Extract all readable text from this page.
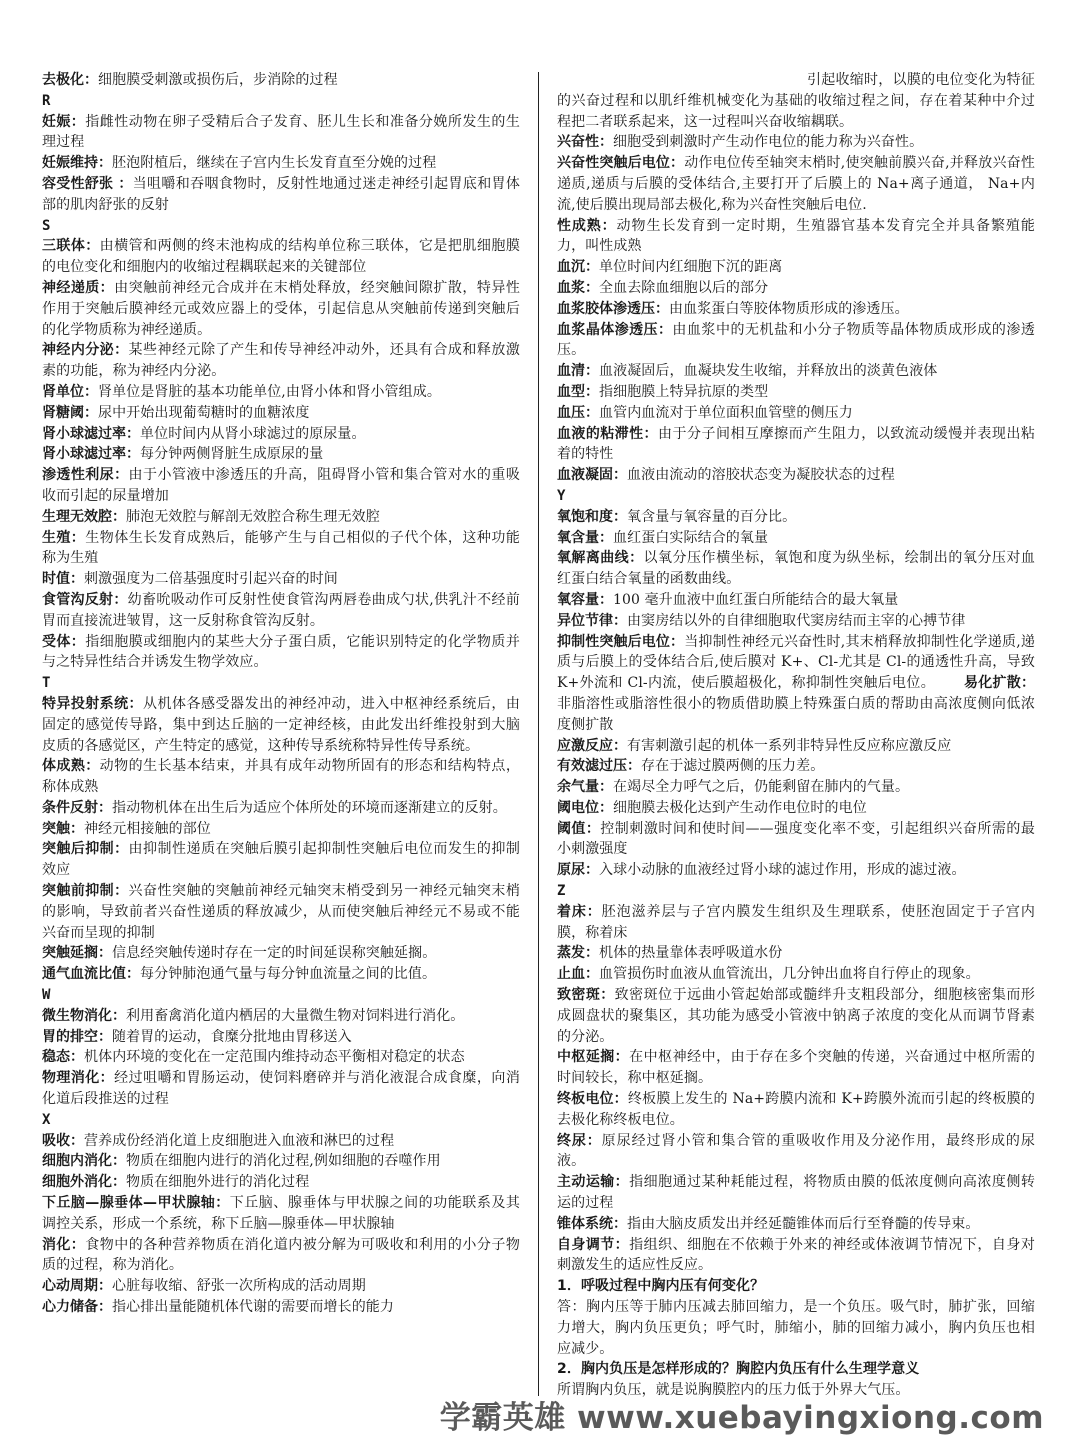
去极化：细胞膜受刺激或损伤后，步消除的过程
R
妊娠：指雌性动物在卵子受精后合子发育、胚儿生长和准备分娩所发生的生理过程
妊娠维持：胚泡附植后，继续在子宫内生长发育直至分娩的过程
容受性舒张 ：当咀嚼和吞咽食物时，反射性地通过迷走神经引起胃底和胃体部的肌肉舒张的反射
S
三联体：由横管和两侧的终末池构成的结构单位称三联体，它是把肌细胞膜的电位变化和细胞内的收缩过程耦联起来的关键部位
神经递质：由突触前神经元合成并在末梢处释放，经突触间隙扩散，特异性作用于突触后膜神经元或效应器上的受体，引起信息从突触前传递到突触后的化学物质称为神经递质。
神经内分泌：某些神经元除了产生和传导神经冲动外，还具有合成和释放激素的功能，称为神经内分泌。
肾单位：肾单位是肾脏的基本功能单位,由肾小体和肾小管组成。
肾糖阈：尿中开始出现葡萄糖时的血糖浓度
肾小球滤过率：单位时间内从肾小球滤过的原尿量。
肾小球滤过率：每分钟两侧肾脏生成原尿的量
渗透性利尿：由于小管液中渗透压的升高，阻碍肾小管和集合管对水的重吸收而引起的尿量增加
生理无效腔：肺泡无效腔与解剖无效腔合称生理无效腔
生殖：生物体生长发育成熟后，能够产生与自己相似的子代个体，这种功能称为生殖
时值：刺激强度为二倍基强度时引起兴奋的时间
食管沟反射：幼畜吮吸动作可反射性使食管沟两唇卷曲成勺状,供乳汁不经前胃而直接流进皱胃，这一反射称食管沟反射。
受体：指细胞膜或细胞内的某些大分子蛋白质，它能识别特定的化学物质并与之特异性结合并诱发生物学效应。
T
特异投射系统：从机体各感受器发出的神经冲动，进入中枢神经系统后，由固定的感觉传导路，集中到达丘脑的一定神经核，由此发出纤维投射到大脑皮质的各感觉区，产生特定的感觉，这种传导系统称特异性传导系统。
体成熟：动物的生长基本结束，并具有成年动物所固有的形态和结构特点，称体成熟
条件反射：指动物机体在出生后为适应个体所处的环境而逐渐建立的反射。
突触：神经元相接触的部位
突触后抑制：由抑制性递质在突触后膜引起抑制性突触后电位而发生的抑制效应
突触前抑制：兴奋性突触的突触前神经元轴突末梢受到另一神经元轴突末梢的影响，导致前者兴奋性递质的释放减少，从而使突触后神经元不易或不能兴奋而呈现的抑制
突触延搁：信息经突触传递时存在一定的时间延误称突触延搁。
通气血流比值：每分钟肺泡通气量与每分钟血流量之间的比值。
W
微生物消化：利用畜禽消化道内栖居的大量微生物对饲料进行消化。
胃的排空：随着胃的运动，食糜分批地由胃移送入
稳态：机体内环境的变化在一定范围内维持动态平衡相对稳定的状态
物理消化：经过咀嚼和胃肠运动，使饲料磨碎并与消化液混合成食糜，向消化道后段推送的过程
X
吸收：营养成份经消化道上皮细胞进入血液和淋巴的过程
细胞内消化：物质在细胞内进行的消化过程,例如细胞的吞噬作用
细胞外消化：物质在细胞外进行的消化过程
下丘脑—腺垂体—甲状腺轴：下丘脑、腺垂体与甲状腺之间的功能联系及其调控关系，形成一个系统，称下丘脑—腺垂体—甲状腺轴
消化：食物中的各种营养物质在消化道内被分解为可吸收和利用的小分子物质的过程，称为消化。
心动周期：心脏每收缩、舒张一次所构成的活动周期
心力储备：指心排出量能随机体代谢的需要而增长的能力
引起收缩时，以膜的电位变化为特征的兴奋过程和以肌纤维机械变化为基础的收缩过程之间，存在着某种中介过程把二者联系起来，这一过程叫兴奋收缩耦联。
兴奋性：细胞受到刺激时产生动作电位的能力称为兴奋性。
兴奋性突触后电位：动作电位传至轴突末梢时,使突触前膜兴奋,并释放兴奋性递质,递质与后膜的受体结合,主要打开了后膜上的 Na+离子通道， Na+内流,使后膜出现局部去极化,称为兴奋性突触后电位.
性成熟：动物生长发育到一定时期，生殖器官基本发育完全并具备繁殖能力，叫性成熟
血沉：单位时间内红细胞下沉的距离
血浆：全血去除血细胞以后的部分
血浆胶体渗透压：由血浆蛋白等胶体物质形成的渗透压。
血浆晶体渗透压：由血浆中的无机盐和小分子物质等晶体物质成形成的渗透压。
血清：血液凝固后，血凝块发生收缩，并释放出的淡黄色液体
血型：指细胞膜上特异抗原的类型
血压：血管内血流对于单位面积血管壁的侧压力
血液的粘滞性：由于分子间相互摩擦而产生阻力，以致流动缓慢并表现出粘着的特性
血液凝固：血液由流动的溶胶状态变为凝胶状态的过程
Y
氧饱和度：氧含量与氧容量的百分比。
氧含量：血红蛋白实际结合的氧量
氧解离曲线：以氧分压作横坐标，氧饱和度为纵坐标，绘制出的氧分压对血红蛋白结合氧量的函数曲线。
氧容量：100 毫升血液中血红蛋白所能结合的最大氧量
异位节律：由窦房结以外的自律细胞取代窦房结而主宰的心搏节律
抑制性突触后电位：当抑制性神经元兴奋性时,其末梢释放抑制性化学递质,递质与后膜上的受体结合后,使后膜对 K+、Cl-尤其是 Cl-的通透性升高，导致 K+外流和 Cl-内流，使后膜超极化，称抑制性突触后电位。 易化扩散：非脂溶性或脂溶性很小的物质借助膜上特殊蛋白质的帮助由高浓度侧向低浓度侧扩散
应激反应：有害刺激引起的机体一系列非特异性反应称应激反应
有效滤过压：存在于滤过膜两侧的压力差。
余气量：在竭尽全力呼气之后，仍能剩留在肺内的气量。
阈电位：细胞膜去极化达到产生动作电位时的电位
阈值：控制刺激时间和使时间——强度变化率不变，引起组织兴奋所需的最小刺激强度
原尿：入球小动脉的血液经过肾小球的滤过作用，形成的滤过液。
Z
着床：胚泡滋养层与子宫内膜发生组织及生理联系，使胚泡固定于子宫内膜，称着床
蒸发：机体的热量靠体表呼吸道水份
止血：血管损伤时血液从血管流出，几分钟出血将自行停止的现象。
致密斑：致密斑位于远曲小管起始部或髓绊升支粗段部分，细胞核密集而形成圆盘状的聚集区，其功能为感受小管液中钠离子浓度的变化从而调节肾素的分泌。
中枢延搁：在中枢神经中，由于存在多个突触的传递，兴奋通过中枢所需的时间较长，称中枢延搁。
终板电位：终板膜上发生的 Na+跨膜内流和 K+跨膜外流而引起的终板膜的去极化称终板电位。
终尿：原尿经过肾小管和集合管的重吸收作用及分泌作用，最终形成的尿液。
主动运输：指细胞通过某种耗能过程，将物质由膜的低浓度侧向高浓度侧转运的过程
锥体系统：指由大脑皮质发出并经延髓锥体而后行至脊髓的传导束。
自身调节：指组织、细胞在不依赖于外来的神经或体液调节情况下，自身对刺激发生的适应性反应。
1．呼吸过程中胸内压有何变化？
答：胸内压等于肺内压减去肺回缩力，是一个负压。吸气时，肺扩张，回缩力增大，胸内负压更负；呼气时，肺缩小，肺的回缩力减小，胸内负压也相应减少。
2．胸内负压是怎样形成的？胸腔内负压有什么生理学意义
所谓胸内负压，就是说胸膜腔内的压力低于外界大气压。
学霸英雄 www.xuebayingxiong.com
